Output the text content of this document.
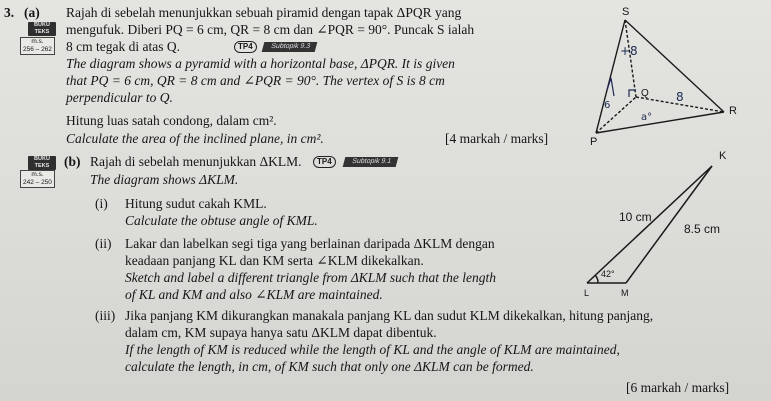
3. (a) Rajah di sebelah menunjukkan sebuah piramid dengan tapak ΔPQR yang
BUKU TEKS	mengufuk. Diberi PQ = 6 cm, QR = 8 cm dan ∠PQR = 90°. Puncak S ialah
m.s.
256 – 262 8 cm tegak di atas Q.	TP4	Subtopik 9.3
The diagram shows a pyramid with a horizontal base, ΔPQR. It is given
that PQ = 6 cm, QR = 8 cm and ∠PQR = 90°. The vertex of S is 8 cm
perpendicular to Q.
Hitung luas satah condong, dalam cm².
Calculate the area of the inclined plane, in cm².	[4 markah / marks]
BUKU TEKS	(b) Rajah di sebelah menunjukkan ΔKLM.	TP4	Subtopik 9.1
m.s.
242 – 250	The diagram shows ΔKLM.
(i) Hitung sudut cakah KML.
Calculate the obtuse angle of KML.
(ii) Lakar dan labelkan segi tiga yang berlainan daripada ΔKLM dengan
keadaan panjang KL dan KM serta ∠KLM dikekalkan.
Sketch and label a different triangle from ΔKLM such that the length
of KL and KM and also ∠KLM are maintained.
(iii) Jika panjang KM dikurangkan manakala panjang KL dan sudut KLM dikekalkan, hitung panjang,
dalam cm, KM supaya hanya satu ΔKLM dapat dibentuk.
If the length of KM is reduced while the length of KL and the angle of KLM are maintained,
calculate the length, in cm, of KM such that only one ΔKLM can be formed.
[6 markah / marks]
S
P
Q
R
+8
8
6
a°
K
L	M
10 cm
8.5 cm
42°
